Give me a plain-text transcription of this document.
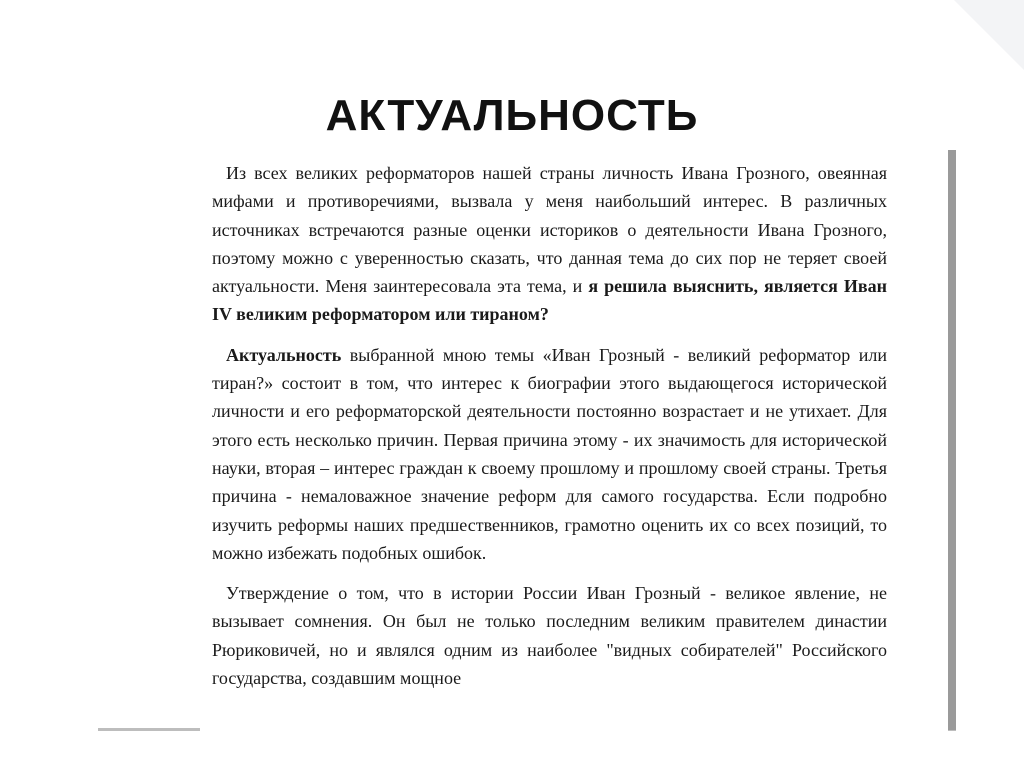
АКТУАЛЬНОСТЬ

Из всех великих реформаторов нашей страны личность Ивана Грозного, овеянная мифами и противоречиями, вызвала у меня наибольший интерес. В различных источниках встречаются разные оценки историков о деятельности Ивана Грозного, поэтому можно с уверенностью сказать, что данная тема до сих пор не теряет своей актуальности. Меня заинтересовала эта тема, и я решила выяснить, является Иван IV великим реформатором или тираном?

Актуальность выбранной мною темы «Иван Грозный - великий реформатор или тиран?» состоит в том, что интерес к биографии этого выдающегося исторической личности и его реформаторской деятельности постоянно возрастает и не утихает. Для этого есть несколько причин. Первая причина этому - их значимость для исторической науки, вторая – интерес граждан к своему прошлому и прошлому своей страны. Третья причина - немаловажное значение реформ для самого государства. Если подробно изучить реформы наших предшественников, грамотно оценить их со всех позиций, то можно избежать подобных ошибок.

Утверждение о том, что в истории России Иван Грозный - великое явление, не вызывает сомнения. Он был не только последним великим правителем династии Рюриковичей, но и являлся одним из наиболее "видных собирателей" Российского государства, создавшим мощное
